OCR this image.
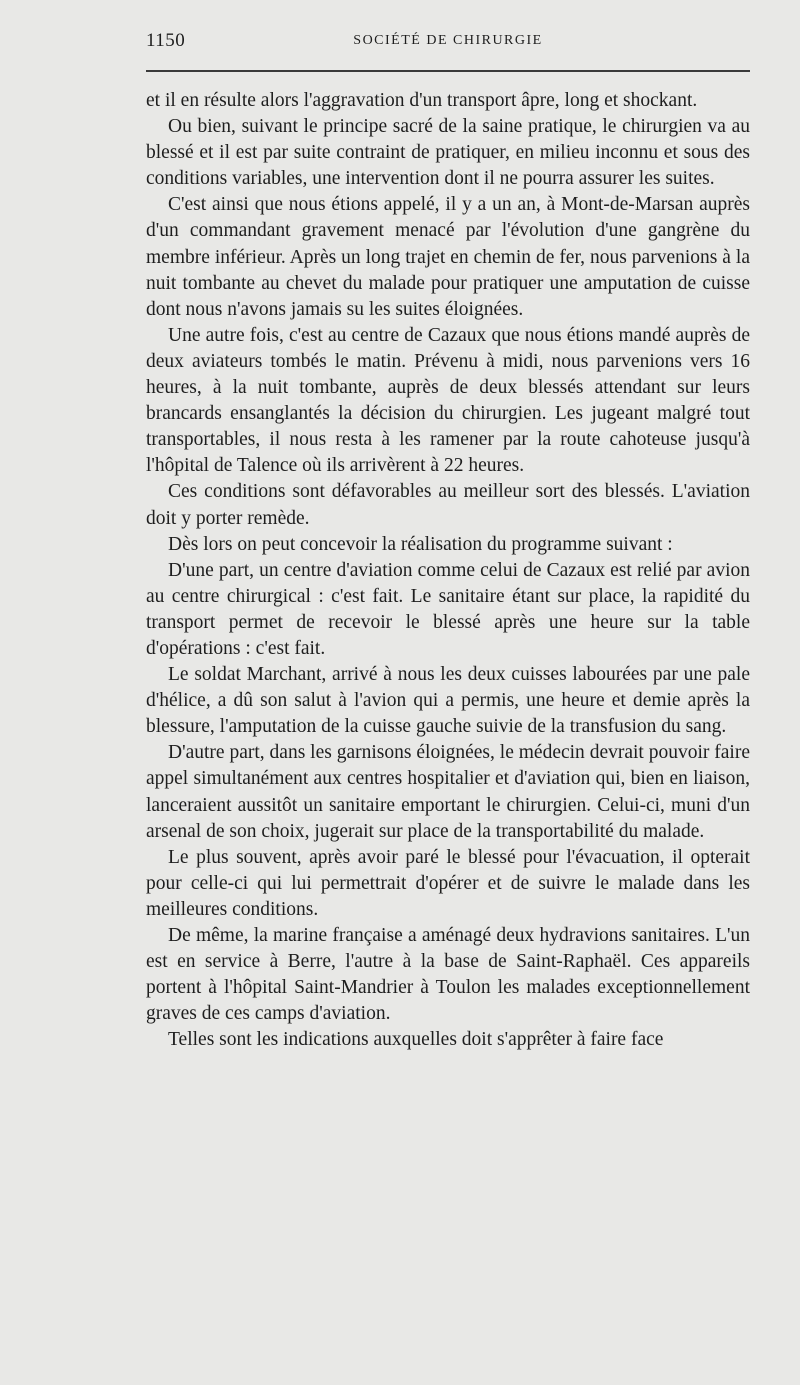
1150	SOCIÉTÉ DE CHIRURGIE

et il en résulte alors l'aggravation d'un transport âpre, long et shockant.

Ou bien, suivant le principe sacré de la saine pratique, le chirurgien va au blessé et il est par suite contraint de pratiquer, en milieu inconnu et sous des conditions variables, une intervention dont il ne pourra assurer les suites.

C'est ainsi que nous étions appelé, il y a un an, à Mont-de-Marsan auprès d'un commandant gravement menacé par l'évolution d'une gangrène du membre inférieur. Après un long trajet en chemin de fer, nous parvenions à la nuit tombante au chevet du malade pour pratiquer une amputation de cuisse dont nous n'avons jamais su les suites éloignées.

Une autre fois, c'est au centre de Cazaux que nous étions mandé auprès de deux aviateurs tombés le matin. Prévenu à midi, nous parvenions vers 16 heures, à la nuit tombante, auprès de deux blessés attendant sur leurs brancards ensanglantés la décision du chirurgien. Les jugeant malgré tout transportables, il nous resta à les ramener par la route cahoteuse jusqu'à l'hôpital de Talence où ils arrivèrent à 22 heures.

Ces conditions sont défavorables au meilleur sort des blessés. L'aviation doit y porter remède.

Dès lors on peut concevoir la réalisation du programme suivant :

D'une part, un centre d'aviation comme celui de Cazaux est relié par avion au centre chirurgical : c'est fait. Le sanitaire étant sur place, la rapidité du transport permet de recevoir le blessé après une heure sur la table d'opérations : c'est fait.

Le soldat Marchant, arrivé à nous les deux cuisses labourées par une pale d'hélice, a dû son salut à l'avion qui a permis, une heure et demie après la blessure, l'amputation de la cuisse gauche suivie de la transfusion du sang.

D'autre part, dans les garnisons éloignées, le médecin devrait pouvoir faire appel simultanément aux centres hospitalier et d'aviation qui, bien en liaison, lanceraient aussitôt un sanitaire emportant le chirurgien. Celui-ci, muni d'un arsenal de son choix, jugerait sur place de la transportabilité du malade.

Le plus souvent, après avoir paré le blessé pour l'évacuation, il opterait pour celle-ci qui lui permettrait d'opérer et de suivre le malade dans les meilleures conditions.

De même, la marine française a aménagé deux hydravions sanitaires. L'un est en service à Berre, l'autre à la base de Saint-Raphaël. Ces appareils portent à l'hôpital Saint-Mandrier à Toulon les malades exceptionnellement graves de ces camps d'aviation.

Telles sont les indications auxquelles doit s'apprêter à faire face
